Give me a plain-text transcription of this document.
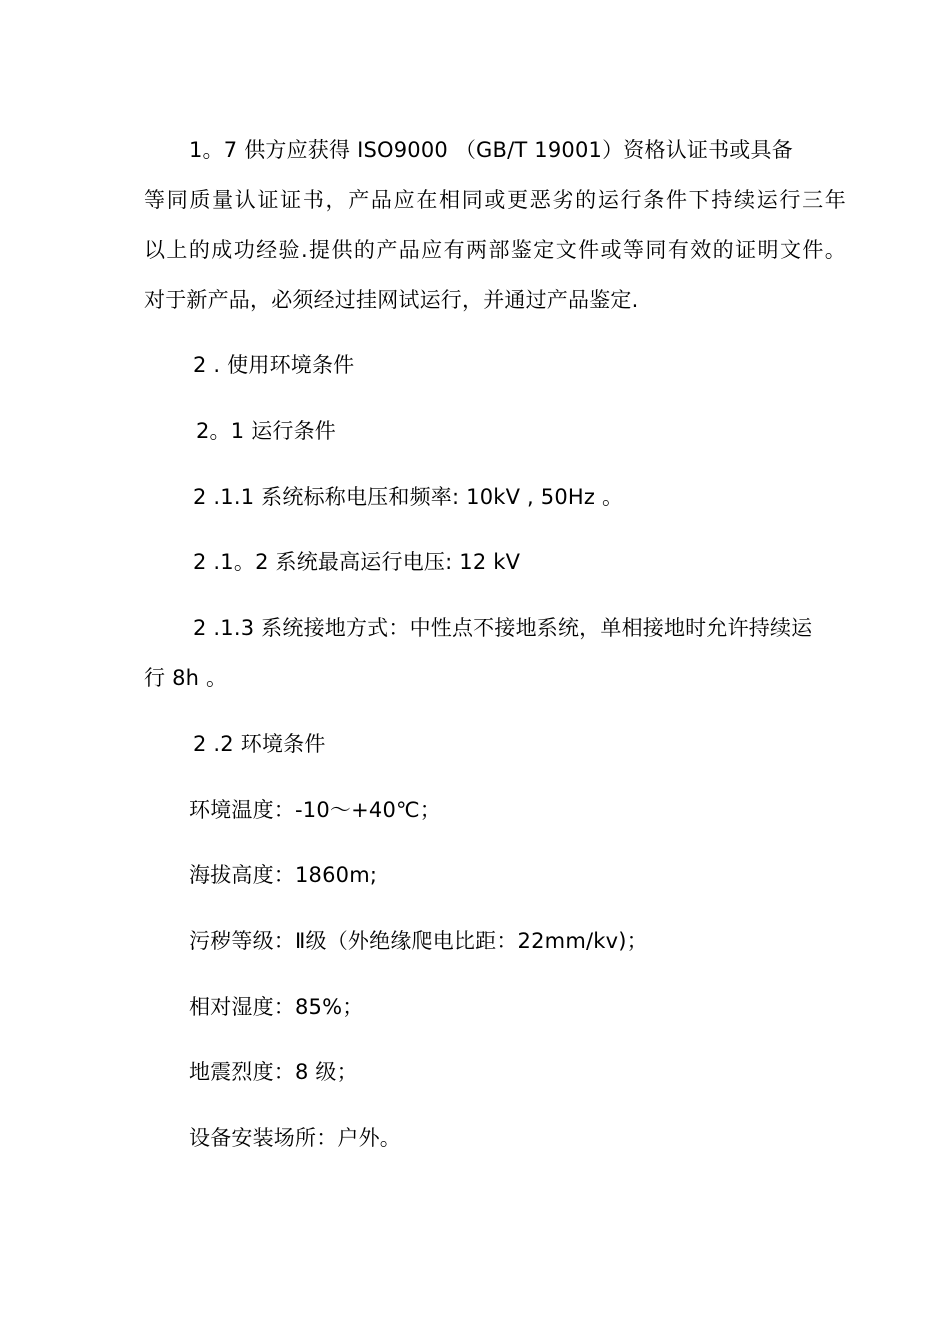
1。7 供方应获得 ISO9000 （GB/T 19001）资格认证书或具备
等同质量认证证书，产品应在相同或更恶劣的运行条件下持续运行三年
以上的成功经验.提供的产品应有两部鉴定文件或等同有效的证明文件。
对于新产品，必须经过挂网试运行，并通过产品鉴定.
2 . 使用环境条件
2。1 运行条件
2 .1.1 系统标称电压和频率: 10kV , 50Hz 。
2 .1。2 系统最高运行电压: 12 kV
2 .1.3 系统接地方式：中性点不接地系统，单相接地时允许持续运
行 8h 。
2 .2 环境条件
环境温度：-10～+40℃；
海拔高度：1860m;
污秽等级：Ⅱ级（外绝缘爬电比距：22mm/kv)；
相对湿度：85%；
地震烈度：8 级；
设备安装场所：户外。
